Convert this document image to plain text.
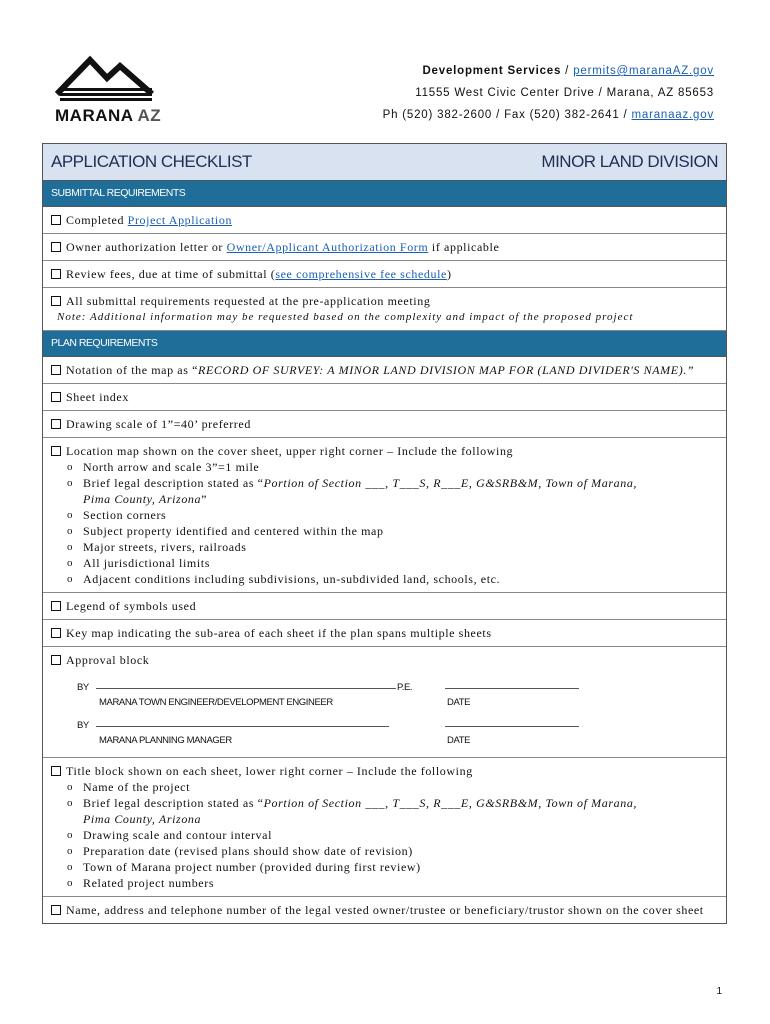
MARANA AZ
Development Services / permits@maranaAZ.gov
11555 West Civic Center Drive / Marana, AZ 85653
Ph (520) 382-2600 / Fax (520) 382-2641 / maranaaz.gov
APPLICATION CHECKLIST	MINOR LAND DIVISION
SUBMITTAL REQUIREMENTS
Completed Project Application
Owner authorization letter or Owner/Applicant Authorization Form if applicable
Review fees, due at time of submittal (see comprehensive fee schedule)
All submittal requirements requested at the pre-application meeting
Note: Additional information may be requested based on the complexity and impact of the proposed project
PLAN REQUIREMENTS
Notation of the map as “RECORD OF SURVEY: A MINOR LAND DIVISION MAP FOR (LAND DIVIDER'S NAME).”
Sheet index
Drawing scale of 1”=40’ preferred
Location map shown on the cover sheet, upper right corner – Include the following
o North arrow and scale 3”=1 mile
o Brief legal description stated as “Portion of Section ___, T___S, R___E, G&SRB&M, Town of Marana,
Pima County, Arizona”
o Section corners
o Subject property identified and centered within the map
o Major streets, rivers, railroads
o All jurisdictional limits
o Adjacent conditions including subdivisions, un-subdivided land, schools, etc.
Legend of symbols used
Key map indicating the sub-area of each sheet if the plan spans multiple sheets
Approval block
BY	P.E.
MARANA TOWN ENGINEER/DEVELOPMENT ENGINEER	DATE
BY
MARANA PLANNING MANAGER	DATE
Title block shown on each sheet, lower right corner – Include the following
o Name of the project
o Brief legal description stated as “Portion of Section ___, T___S, R___E, G&SRB&M, Town of Marana,
Pima County, Arizona
o Drawing scale and contour interval
o Preparation date (revised plans should show date of revision)
o Town of Marana project number (provided during first review)
o Related project numbers
Name, address and telephone number of the legal vested owner/trustee or beneficiary/trustor shown on the cover sheet
1
